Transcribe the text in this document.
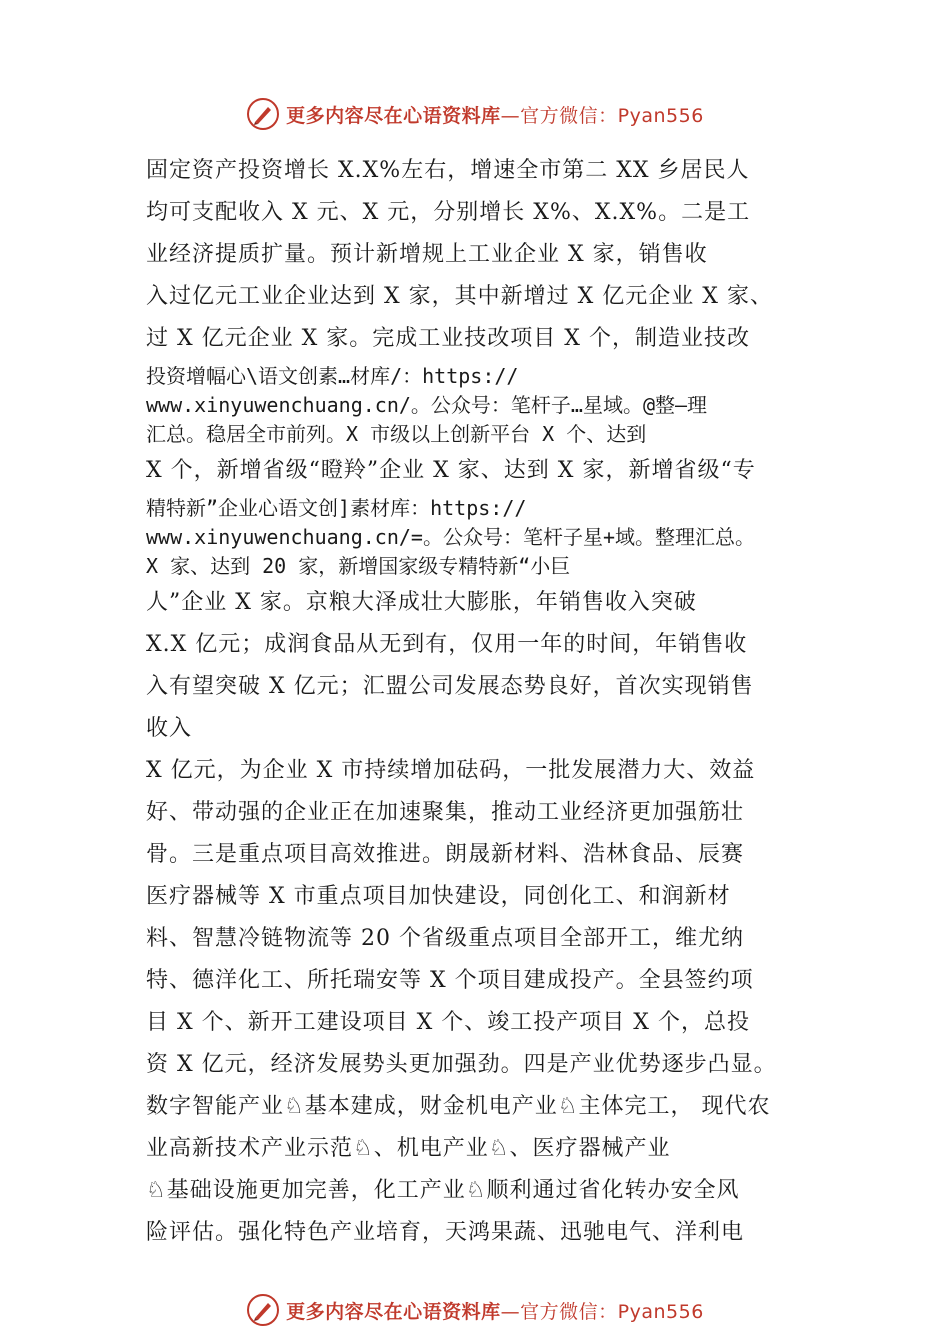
更多内容尽在心语资料库—官方微信：Pyan556
固定资产投资增长 X.X%左右，增速全市第二 XX 乡居民人
均可支配收入 X 元、X 元，分别增长 X%、X.X%。二是工
业经济提质扩量。预计新增规上工业企业 X 家，销售收
入过亿元工业企业达到 X 家，其中新增过 X 亿元企业 X 家、
过 X 亿元企业 X 家。完成工业技改项目 X 个，制造业技改
投资增幅心\语文创素…材库/：https://
www.xinyuwenchuang.cn/。公众号：笔杆子…星域。@整—理
汇总。稳居全市前列。X 市级以上创新平台 X 个、达到
X 个，新增省级“瞪羚”企业 X 家、达到 X 家，新增省级“专
精特新”企业心语文创]素材库：https://
www.xinyuwenchuang.cn/=。公众号：笔杆子星+域。整理汇总。
X 家、达到 20 家，新增国家级专精特新“小巨
人”企业 X 家。京粮大泽成壮大膨胀，年销售收入突破
X.X 亿元；成润食品从无到有，仅用一年的时间，年销售收
入有望突破 X 亿元；汇盟公司发展态势良好，首次实现销售
收入
X 亿元，为企业 X 市持续增加砝码，一批发展潜力大、效益
好、带动强的企业正在加速聚集，推动工业经济更加强筋壮
骨。三是重点项目高效推进。朗晟新材料、浩林食品、辰赛
医疗器械等 X 市重点项目加快建设，同创化工、和润新材
料、智慧冷链物流等 20 个省级重点项目全部开工，维尤纳
特、德洋化工、所托瑞安等 X 个项目建成投产。全县签约项
目 X 个、新开工建设项目 X 个、竣工投产项目 X 个，总投
资 X 亿元，经济发展势头更加强劲。四是产业优势逐步凸显。
数字智能产业♘基本建成，财金机电产业♘主体完工， 现代农
业高新技术产业示范♘、机电产业♘、医疗器械产业
♘基础设施更加完善，化工产业♘顺利通过省化转办安全风
险评估。强化特色产业培育，天鸿果蔬、迅驰电气、洋利电
更多内容尽在心语资料库—官方微信：Pyan556
